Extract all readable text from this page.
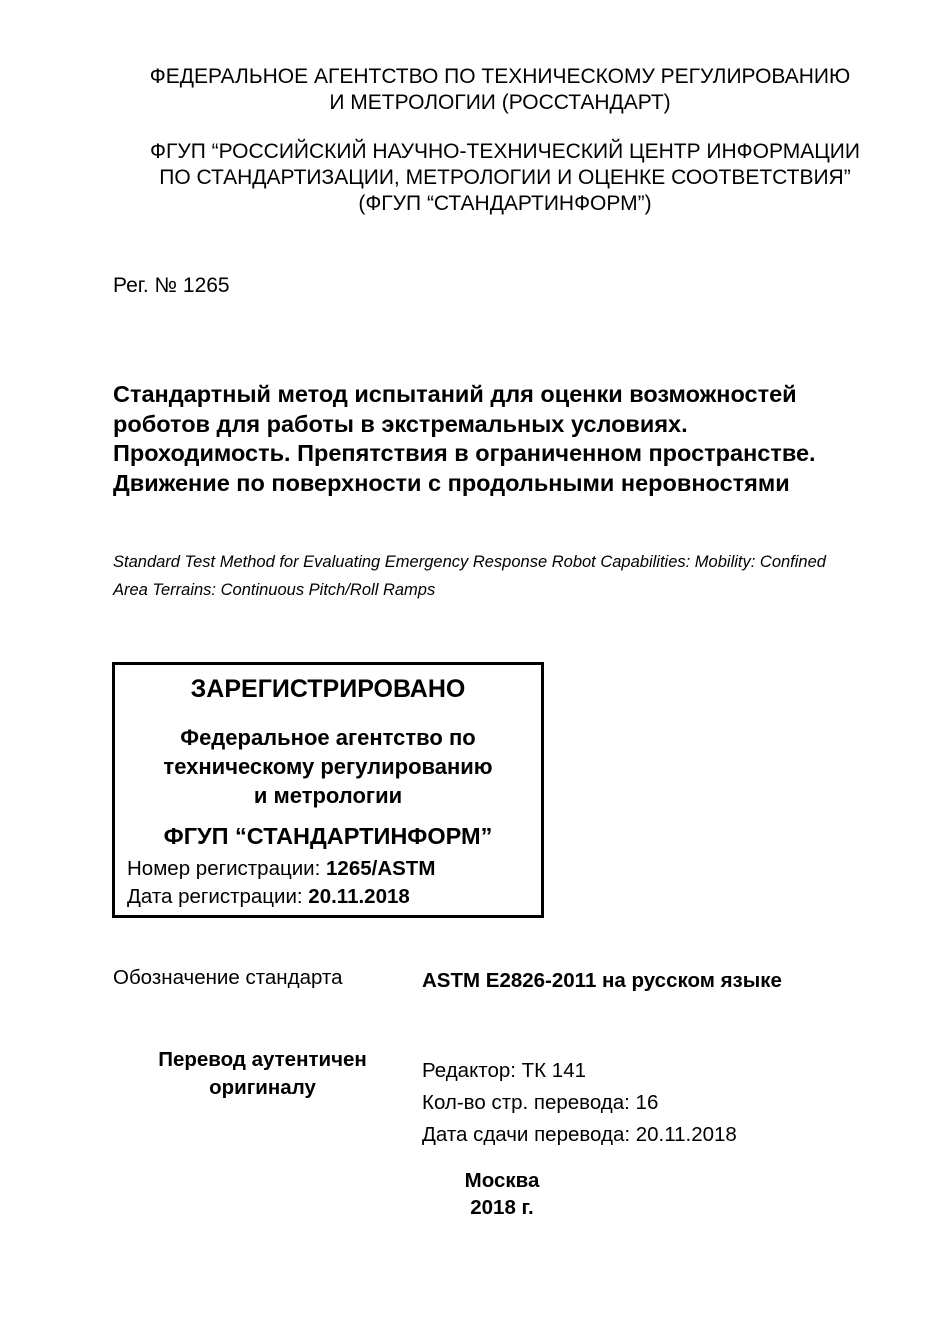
ФЕДЕРАЛЬНОЕ АГЕНТСТВО ПО ТЕХНИЧЕСКОМУ РЕГУЛИРОВАНИЮ
И МЕТРОЛОГИИ (РОССТАНДАРТ)
ФГУП “РОССИЙСКИЙ НАУЧНО-ТЕХНИЧЕСКИЙ ЦЕНТР ИНФОРМАЦИИ
ПО СТАНДАРТИЗАЦИИ, МЕТРОЛОГИИ И ОЦЕНКЕ СООТВЕТСТВИЯ”
(ФГУП “СТАНДАРТИНФОРМ”)
Рег. № 1265
Стандартный метод испытаний для оценки возможностей
роботов для работы в экстремальных условиях.
Проходимость. Препятствия в ограниченном пространстве.
Движение по поверхности с продольными неровностями
Standard Test Method for Evaluating Emergency Response Robot Capabilities: Mobility: Confined
Area Terrains: Continuous Pitch/Roll Ramps
ЗАРЕГИСТРИРОВАНО
Федеральное агентство по
техническому регулированию
и метрологии
ФГУП “СТАНДАРТИНФОРМ”
Номер регистрации: 1265/ASTM
Дата регистрации: 20.11.2018
Обозначение стандарта	ASTM E2826-2011 на русском языке
Перевод аутентичен
оригиналу
Редактор: ТК 141
Кол-во стр. перевода: 16
Дата сдачи перевода: 20.11.2018
Москва
2018 г.
